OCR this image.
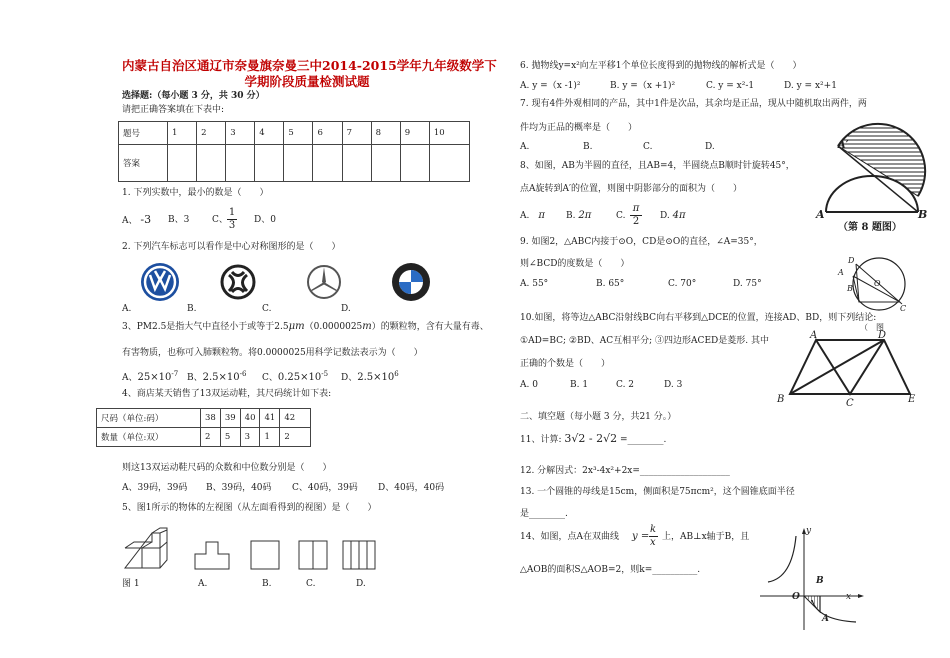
内蒙古自治区通辽市奈曼旗奈曼三中2014-2015学年九年级数学下
学期阶段质量检测试题
选择题:（每小题 3 分，共 30 分）
请把正确答案填在下表中:
题号	1	2	3	4	5	6	7	8	9	10
答案										
1. 下列实数中，最小的数是（　　）
A、 -3 B、3	C、 $\frac{1}{3}$ D、0
2. 下列汽车标志可以看作是中心对称图形的是（　　）
A.	B.	C.	D.
3、PM2.5是指大气中直径小于或等于2.5μm（0.0000025m）的颗粒物，含有大量有毒、
有害物质，也称可入肺颗粒物。将0.0000025用科学记数法表示为（　　）
A、$25\times 10^{-7}$ B、$2.5\times 10^{-6}$ C、$0.25\times 10^{-5}$ D、$2.5\times 10^6$
4、商店某天销售了13双运动鞋，其尺码统计如下表:
尺码（单位:码）	38	39	40	41	42
数量（单位:双）	2	5	3	1	2
则这13双运动鞋尺码的众数和中位数分别是（　　）
A、39码，39码 B、39码，40码 C、40码，39码 D、40码，40码
5、图1所示的物体的左视图（从左面看得到的视图）是（　　）
图 1	A.	B.	C.	D.
6. 抛物线y=x²向左平移1个单位长度得到的抛物线的解析式是（　　）
A. y =（x -1)²	B. y =（x +1)²	C. y = x²-1	D. y = x²+1
7. 现有4件外观相同的产品，其中1件是次品，其余均是正品，现从中随机取出两件，两
件均为正品的概率是（　　）
A.	B.	C.	D.
8、如图，AB为半圆的直径，且AB=4，半圆绕点B顺时针旋转45°，
点A旋转到A′的位置，则图中阴影部分的面积为（　　）
A.　 π B. 2π	C. $\frac{\pi}{2} D$. 4π
A′
A	B
（第 8 题图）
9. 如图2，△ABC内接于⊙O，CD是⊙O的直径，∠A=35°，
则∠BCD的度数是（　　）
A. 55°	B. 65°	C. 70°	D. 75°
D
A
B
O
C
10.如图，将等边△ABC沿射线BC向右平移到△DCE的位置，连接AD、BD，则下列结论:
（　图
①AD=BC; ②BD、AC互相平分; ③四边形ACED是菱形. 其中
正确的个数是（　　）
A. 0	B. 1	C. 2	D. 3
A	D
B	C	E
二、填空题（每小题 3 分，共21 分。）
11、计算: 3√2 - 2√2 =________.
12. 分解因式：2x³-4x²+2x=____________________
13. 一个圆锥的母线是15cm，侧面积是75πcm²，这个圆锥底面半径
是________.
14、如图，点A在双曲线 y =
k
x 上，AB⊥x轴于B，且
△AOB的面积S△AOB=2，则k=__________.
y
B
O	x
A
